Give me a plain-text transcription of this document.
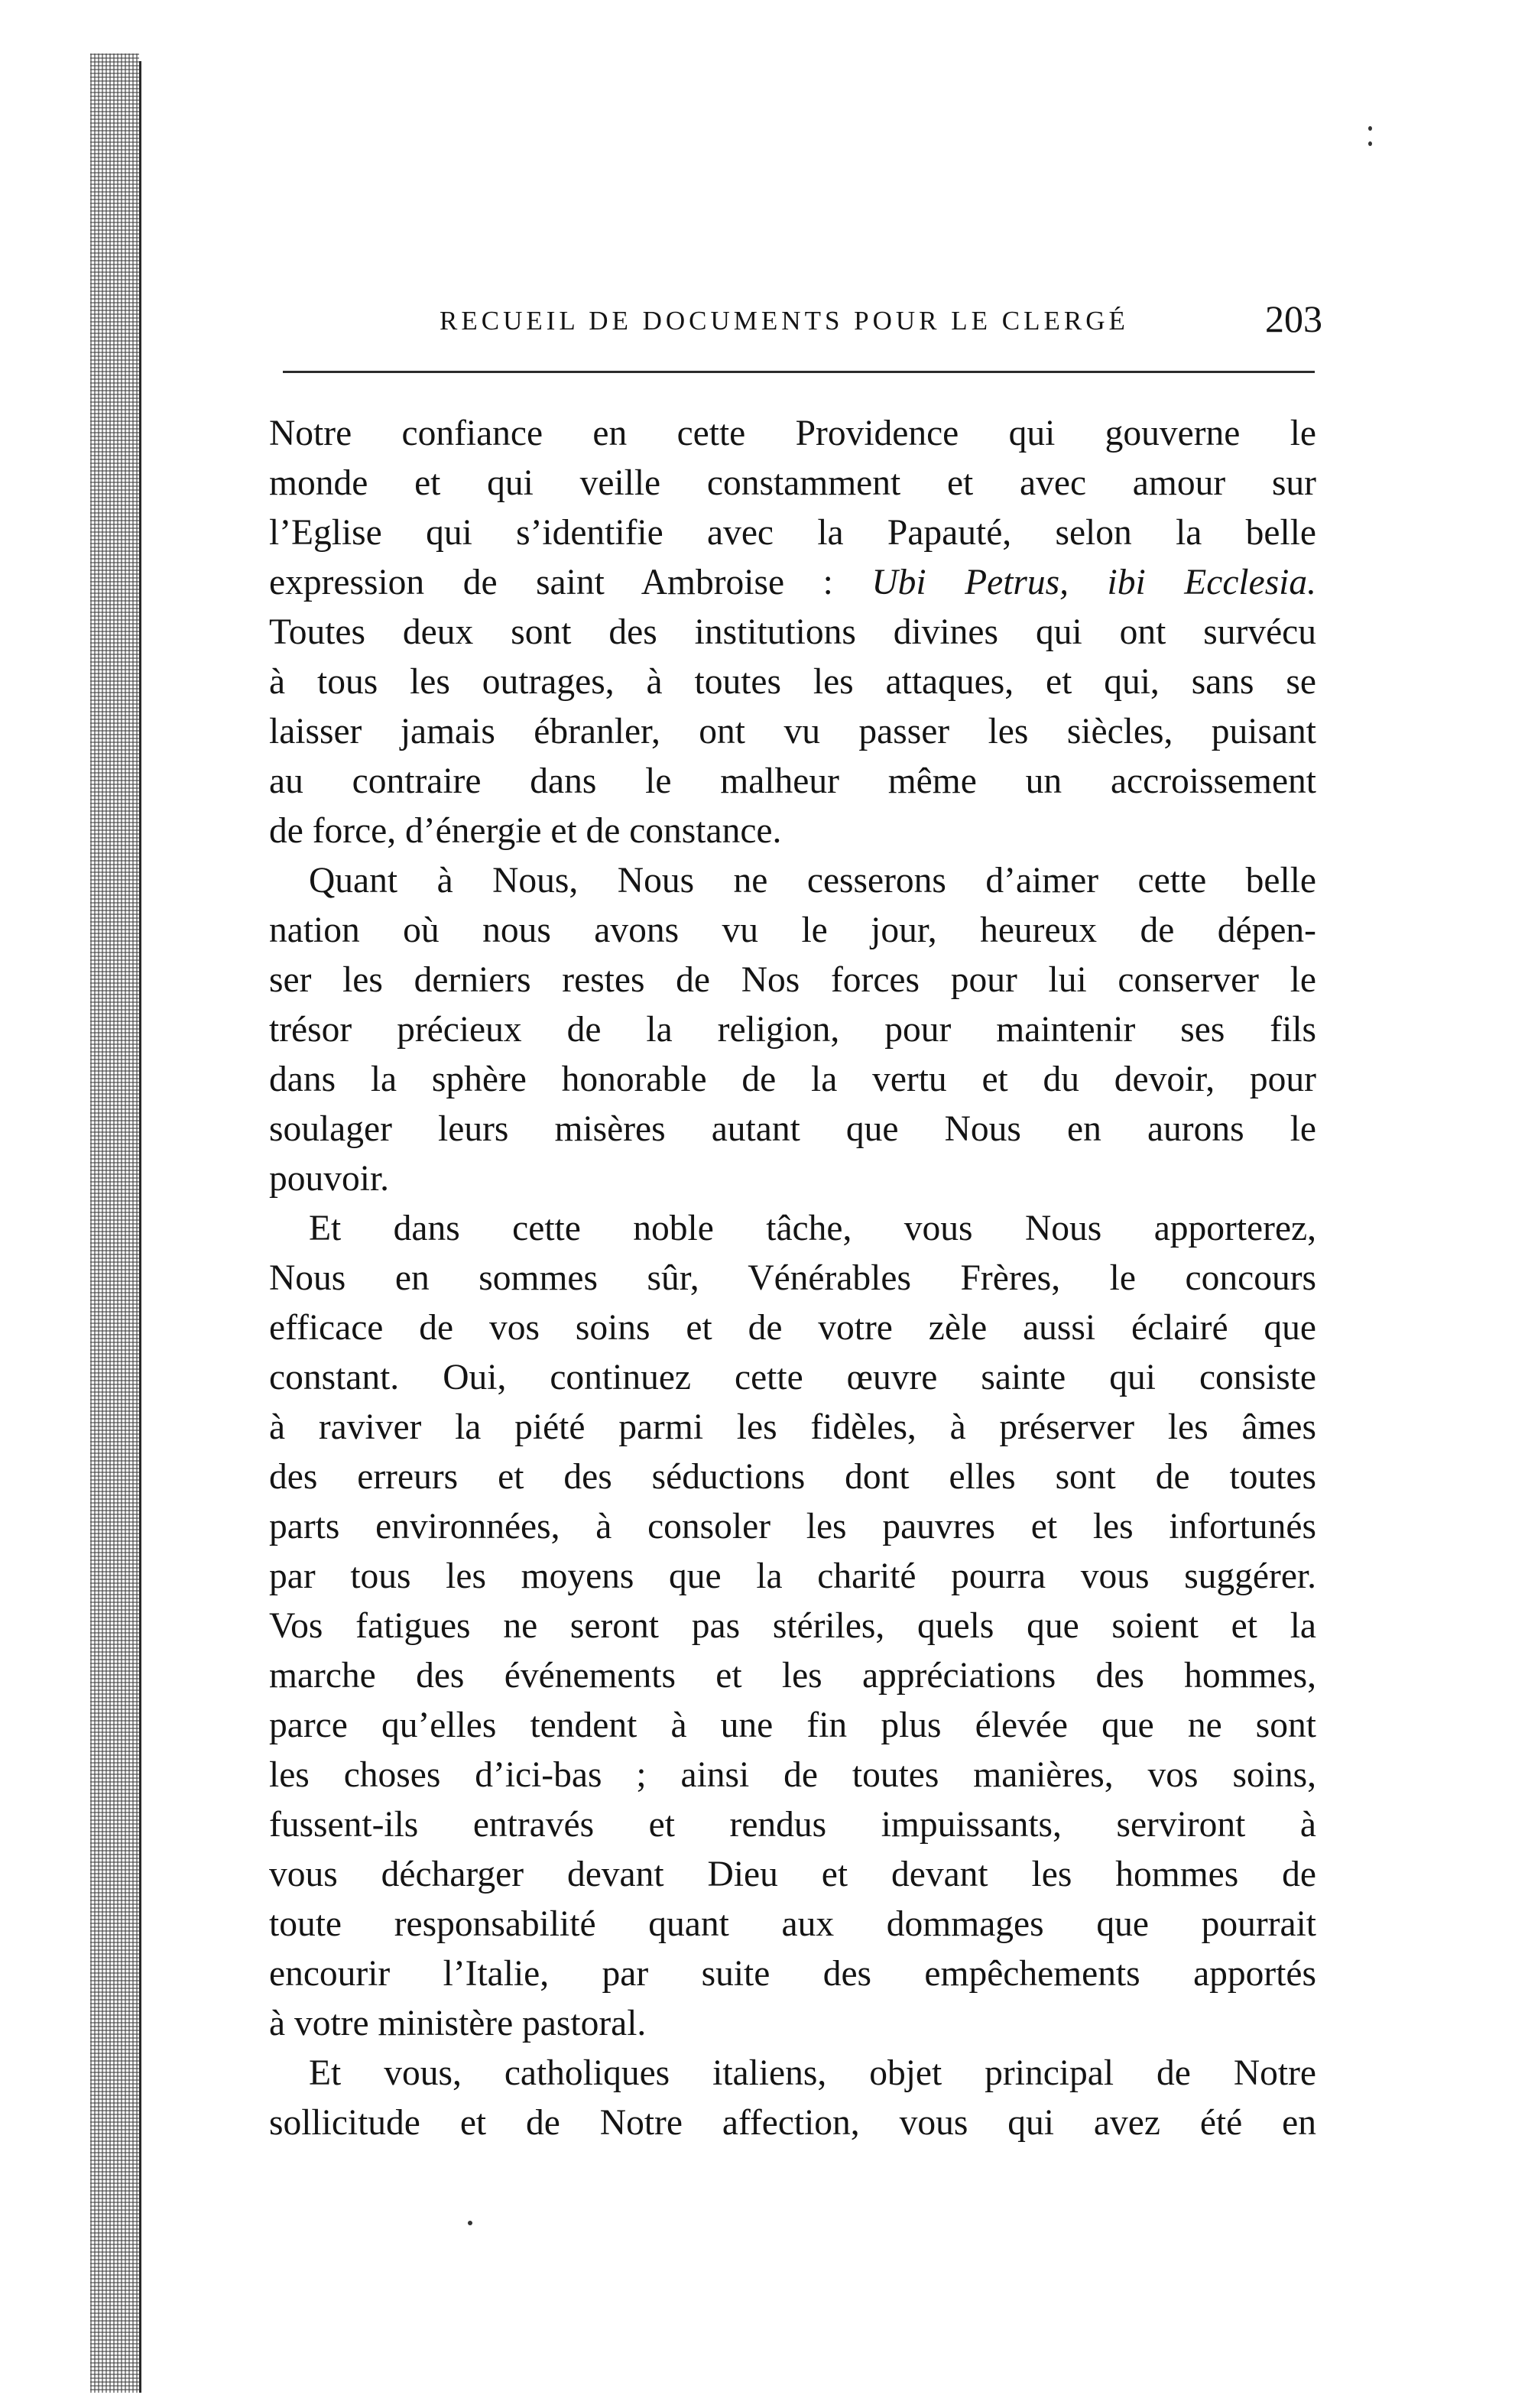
RECUEIL DE DOCUMENTS POUR LE CLERGÉ	203
Notre confiance en cette Providence qui gouverne le
monde et qui veille constamment et avec amour sur
l’Eglise qui s’identifie avec la Papauté, selon la belle
expression de saint Ambroise : Ubi Petrus, ibi Ecclesia.
Toutes deux sont des institutions divines qui ont survécu
à tous les outrages, à toutes les attaques, et qui, sans se
laisser jamais ébranler, ont vu passer les siècles, puisant
au contraire dans le malheur même un accroissement
de force, d’énergie et de constance.
Quant à Nous, Nous ne cesserons d’aimer cette belle
nation où nous avons vu le jour, heureux de dépen-
ser les derniers restes de Nos forces pour lui conserver le
trésor précieux de la religion, pour maintenir ses fils
dans la sphère honorable de la vertu et du devoir, pour
soulager leurs misères autant que Nous en aurons le
pouvoir.
Et dans cette noble tâche, vous Nous apporterez,
Nous en sommes sûr, Vénérables Frères, le concours
efficace de vos soins et de votre zèle aussi éclairé que
constant. Oui, continuez cette œuvre sainte qui consiste
à raviver la piété parmi les fidèles, à préserver les âmes
des erreurs et des séductions dont elles sont de toutes
parts environnées, à consoler les pauvres et les infortunés
par tous les moyens que la charité pourra vous suggérer.
Vos fatigues ne seront pas stériles, quels que soient et la
marche des événements et les appréciations des hommes,
parce qu’elles tendent à une fin plus élevée que ne sont
les choses d’ici-bas ; ainsi de toutes manières, vos soins,
fussent-ils entravés et rendus impuissants, serviront à
vous décharger devant Dieu et devant les hommes de
toute responsabilité quant aux dommages que pourrait
encourir l’Italie, par suite des empêchements apportés
à votre ministère pastoral.
Et vous, catholiques italiens, objet principal de Notre
sollicitude et de Notre affection, vous qui avez été en
